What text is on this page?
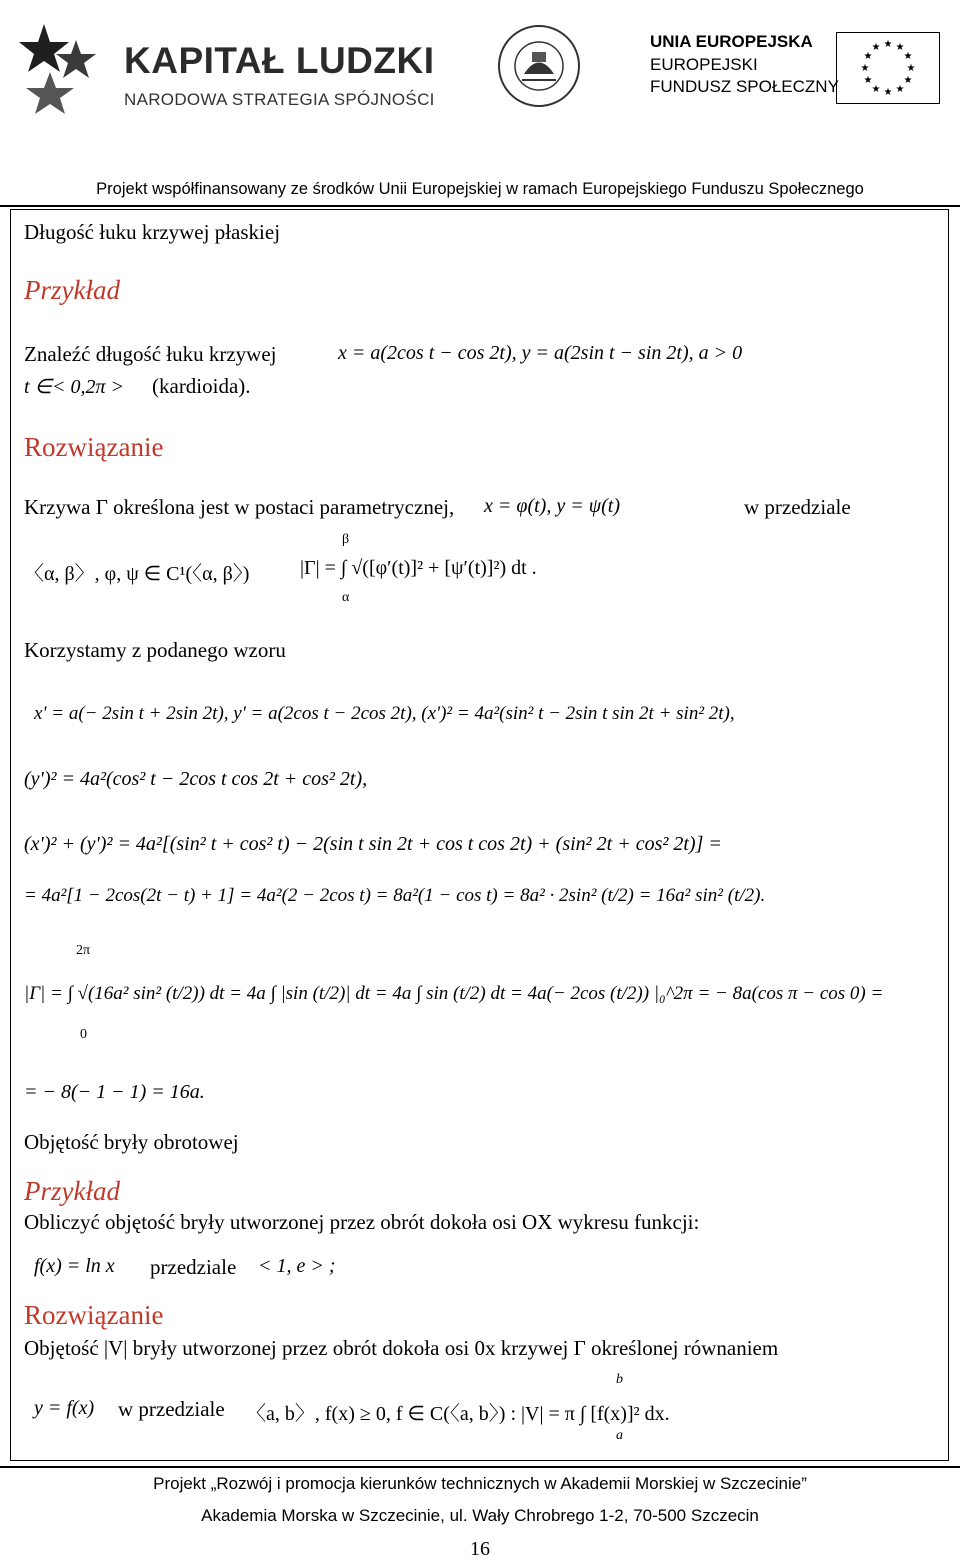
KAPITAŁ LUDZKI
NARODOWA STRATEGIA SPÓJNOŚCI
UNIA EUROPEJSKA
EUROPEJSKI
FUNDUSZ SPOŁECZNY
★ ★
★
★
★
★
★
★
★
★
★
★
Projekt współfinansowany ze środków Unii Europejskiej w ramach Europejskiego Funduszu Społecznego
Długość łuku krzywej płaskiej
Przykład
Znaleźć długość łuku krzywej	x = a(2cos t − cos 2t), y = a(2sin t − sin 2t), a > 0
t ∈< 0,2π > (kardioida).
Rozwiązanie
Krzywa Γ określona jest w postaci parametrycznej, x = φ(t), y = ψ(t)	w przedziale
〈α, β〉, φ, ψ ∈ C¹(〈α, β〉)
β
|Γ| = ∫ √([φ′(t)]² + [ψ′(t)]²) dt .
α
Korzystamy z podanego wzoru
x' = a(− 2sin t + 2sin 2t), y' = a(2cos t − 2cos 2t), (x')² = 4a²(sin² t − 2sin t sin 2t + sin² 2t),
(y')² = 4a²(cos² t − 2cos t cos 2t + cos² 2t),
(x')² + (y')² = 4a²[(sin² t + cos² t) − 2(sin t sin 2t + cos t cos 2t) + (sin² 2t + cos² 2t)] =
= 4a²[1 − 2cos(2t − t) + 1] = 4a²(2 − 2cos t) = 8a²(1 − cos t) = 8a² · 2sin² (t/2) = 16a² sin² (t/2).
2π
|Γ| = ∫ √(16a² sin² (t/2)) dt = 4a ∫ |sin (t/2)| dt = 4a ∫ sin (t/2) dt = 4a(− 2cos (t/2)) |₀^2π = − 8a(cos π − cos 0) =
0
= − 8(− 1 − 1) = 16a.
Objętość bryły obrotowej
Przykład
Obliczyć objętość bryły utworzonej przez obrót dokoła osi OX wykresu funkcji:
f(x) = ln x przedziale < 1, e > ;
Rozwiązanie
Objętość |V| bryły utworzonej przez obrót dokoła osi 0x krzywej Γ określonej równaniem
y = f(x) w przedziale
b
〈a, b〉, f(x) ≥ 0, f ∈ C(〈a, b〉) : |V| = π ∫ [f(x)]² dx.
a
Projekt „Rozwój i promocja kierunków technicznych w Akademii Morskiej w Szczecinie”
Akademia Morska w Szczecinie, ul. Wały Chrobrego 1-2, 70-500 Szczecin
16
